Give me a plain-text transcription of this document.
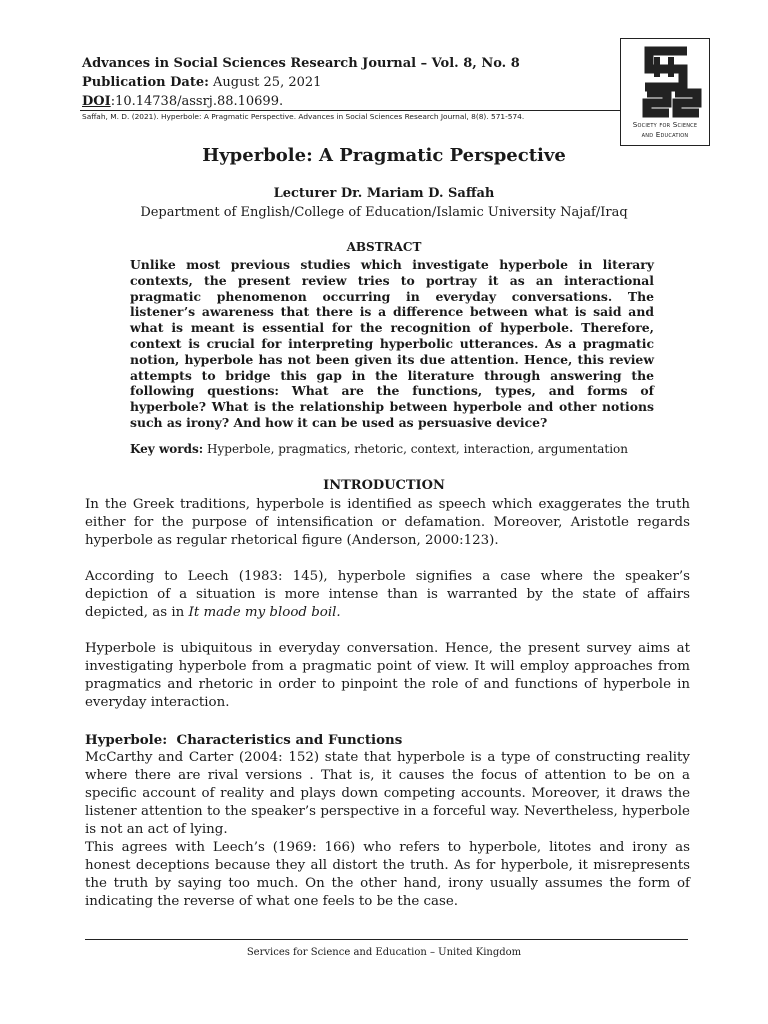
Advances in Social Sciences Research Journal – Vol. 8, No. 8
Publication Date: August 25, 2021
DOI:10.14738/assrj.88.10699.
Saffah, M. D. (2021). Hyperbole: A Pragmatic Perspective. Advances in Social Sciences Research Journal, 8(8). 571-574.
Society for Science
and Education
Hyperbole: A Pragmatic Perspective
Lecturer Dr. Mariam D. Saffah
Department of English/College of Education/Islamic University Najaf/Iraq
ABSTRACT
Unlike most previous studies which investigate hyperbole in literary contexts, the present review tries to portray it as an interactional pragmatic phenomenon occurring in everyday conversations. The listener’s awareness that there is a difference between what is said and what is meant is essential for the recognition of hyperbole. Therefore, context is crucial for interpreting hyperbolic utterances. As a pragmatic notion, hyperbole has not been given its due attention. Hence, this review attempts to bridge this gap in the literature through answering the following questions: What are the functions, types, and forms of hyperbole? What is the relationship between hyperbole and other notions such as irony? And how it can be used as persuasive device?
Key words: Hyperbole, pragmatics, rhetoric, context, interaction, argumentation
INTRODUCTION

In the Greek traditions, hyperbole is identified as speech which exaggerates the truth either for the purpose of intensification or defamation. Moreover, Aristotle regards hyperbole as regular rhetorical figure (Anderson, 2000:123).

According to Leech (1983: 145), hyperbole signifies a case where the speaker’s depiction of a situation is more intense than is warranted by the state of affairs depicted, as in It made my blood boil.

Hyperbole is ubiquitous in everyday conversation. Hence, the present survey aims at investigating hyperbole from a pragmatic point of view. It will employ approaches from pragmatics and rhetoric in order to pinpoint the role of and functions of hyperbole in everyday interaction.

Hyperbole:  Characteristics and Functions

McCarthy and Carter (2004: 152) state that hyperbole is a type of constructing reality where there are rival versions . That is, it causes the focus of attention to be on a specific account of reality and plays down competing accounts. Moreover, it draws the listener attention to the speaker’s perspective in a forceful way. Nevertheless, hyperbole is not an act of lying.

This agrees with Leech’s (1969: 166) who refers to hyperbole, litotes and irony as honest deceptions because they all distort the truth. As for hyperbole, it misrepresents the truth by saying too much. On the other hand, irony usually assumes the form of indicating the reverse of what one feels to be the case.

Services for Science and Education – United Kingdom
